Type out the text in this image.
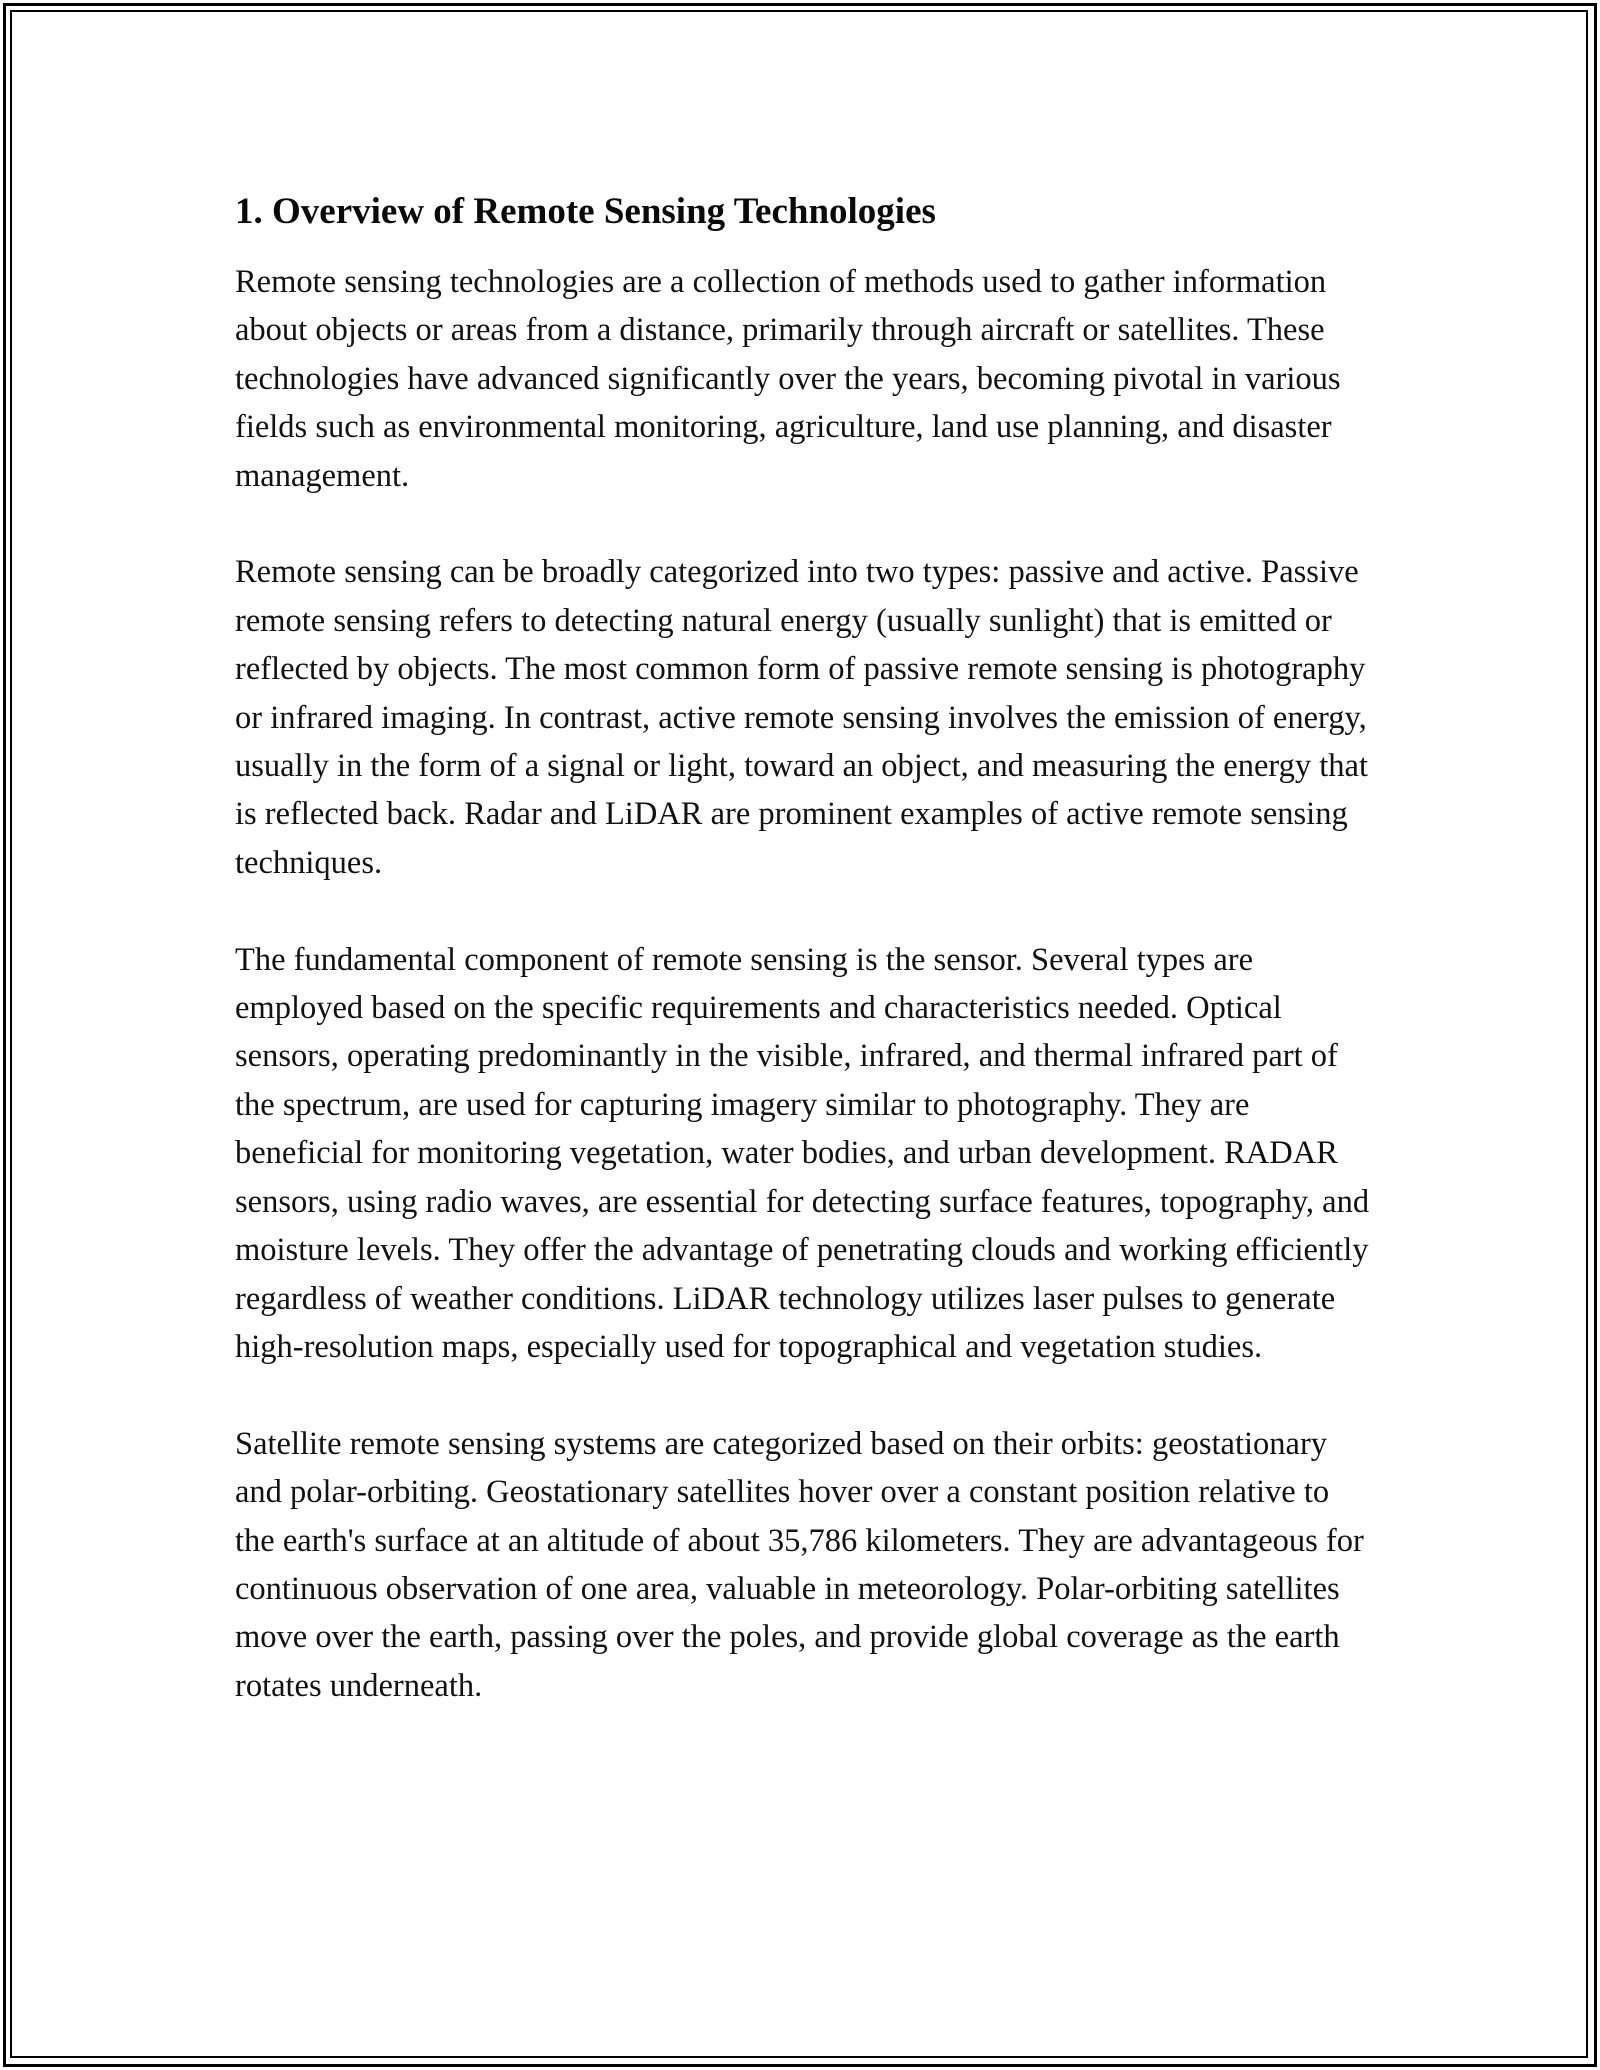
1. Overview of Remote Sensing Technologies

Remote sensing technologies are a collection of methods used to gather information about objects or areas from a distance, primarily through aircraft or satellites. These technologies have advanced significantly over the years, becoming pivotal in various fields such as environmental monitoring, agriculture, land use planning, and disaster management.

Remote sensing can be broadly categorized into two types: passive and active. Passive remote sensing refers to detecting natural energy (usually sunlight) that is emitted or reflected by objects. The most common form of passive remote sensing is photography or infrared imaging. In contrast, active remote sensing involves the emission of energy, usually in the form of a signal or light, toward an object, and measuring the energy that is reflected back. Radar and LiDAR are prominent examples of active remote sensing techniques.

The fundamental component of remote sensing is the sensor. Several types are employed based on the specific requirements and characteristics needed. Optical sensors, operating predominantly in the visible, infrared, and thermal infrared part of the spectrum, are used for capturing imagery similar to photography. They are beneficial for monitoring vegetation, water bodies, and urban development. RADAR sensors, using radio waves, are essential for detecting surface features, topography, and moisture levels. They offer the advantage of penetrating clouds and working efficiently regardless of weather conditions. LiDAR technology utilizes laser pulses to generate high-resolution maps, especially used for topographical and vegetation studies.

Satellite remote sensing systems are categorized based on their orbits: geostationary and polar-orbiting. Geostationary satellites hover over a constant position relative to the earth's surface at an altitude of about 35,786 kilometers. They are advantageous for continuous observation of one area, valuable in meteorology. Polar-orbiting satellites move over the earth, passing over the poles, and provide global coverage as the earth rotates underneath.
